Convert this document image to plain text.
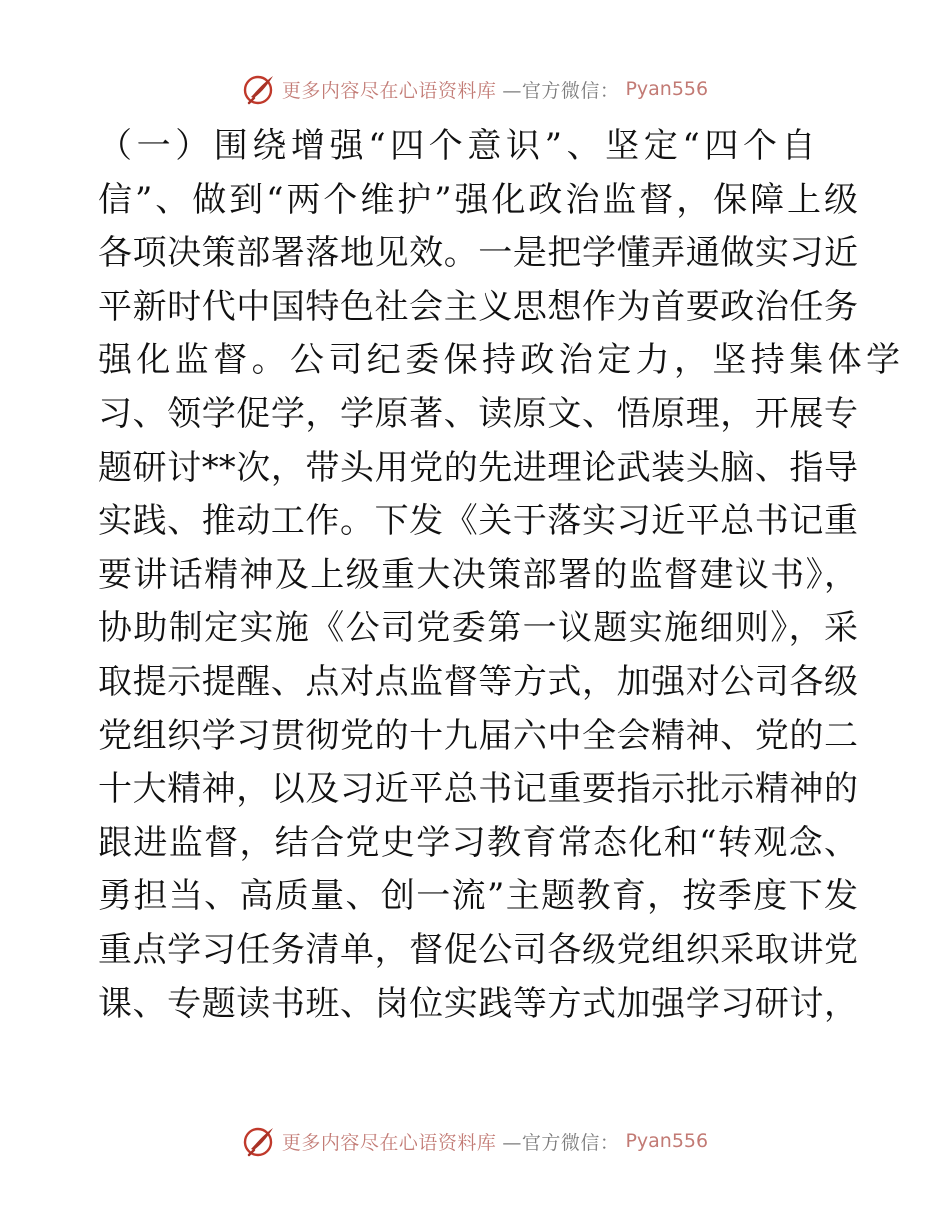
更多内容尽在心语资料库 —官方微信： Pyan556
（一）围绕增强“四个意识”、坚定“四个自
信”、做到“两个维护”强化政治监督，保障上级
各项决策部署落地见效。一是把学懂弄通做实习近
平新时代中国特色社会主义思想作为首要政治任务
强化监督。公司纪委保持政治定力，坚持集体学
习、领学促学，学原著、读原文、悟原理，开展专
题研讨**次，带头用党的先进理论武装头脑、指导
实践、推动工作。下发《关于落实习近平总书记重
要讲话精神及上级重大决策部署的监督建议书》，
协助制定实施《公司党委第一议题实施细则》，采
取提示提醒、点对点监督等方式，加强对公司各级
党组织学习贯彻党的十九届六中全会精神、党的二
十大精神，以及习近平总书记重要指示批示精神的
跟进监督，结合党史学习教育常态化和“转观念、
勇担当、高质量、创一流”主题教育，按季度下发
重点学习任务清单，督促公司各级党组织采取讲党
课、专题读书班、岗位实践等方式加强学习研讨，
更多内容尽在心语资料库 —官方微信： Pyan556
